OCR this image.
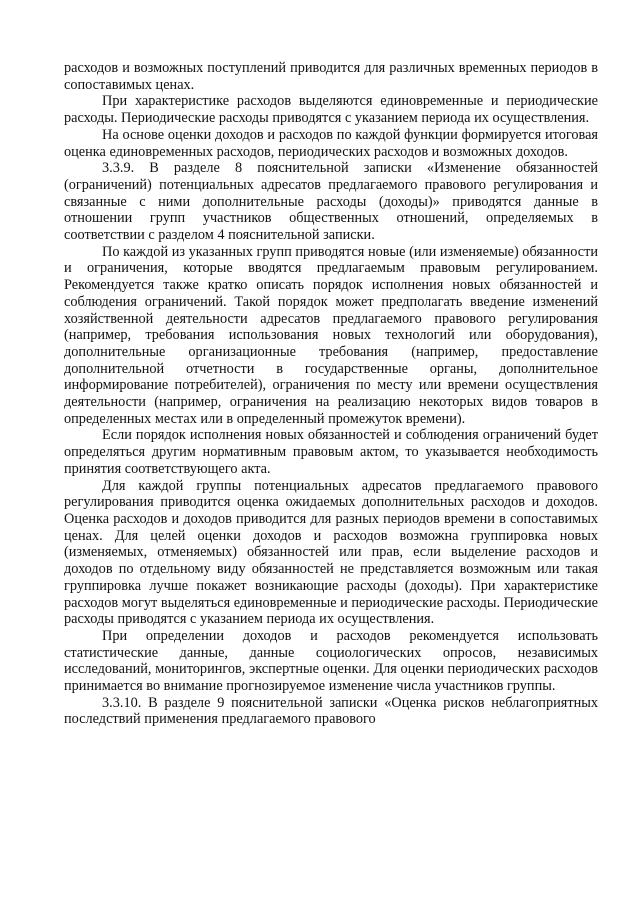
расходов и возможных поступлений приводится для различных временных периодов в сопоставимых ценах.

При характеристике расходов выделяются единовременные и периодические расходы. Периодические расходы приводятся с указанием периода их осуществления.

На основе оценки доходов и расходов по каждой функции формируется итоговая оценка единовременных расходов, периодических расходов и возможных доходов.

3.3.9. В разделе 8 пояснительной записки «Изменение обязанностей (ограничений) потенциальных адресатов предлагаемого правового регулирования и связанные с ними дополнительные расходы (доходы)» приводятся данные в отношении групп участников общественных отношений, определяемых в соответствии с разделом 4 пояснительной записки.

По каждой из указанных групп приводятся новые (или изменяемые) обязанности и ограничения, которые вводятся предлагаемым правовым регулированием. Рекомендуется также кратко описать порядок исполнения новых обязанностей и соблюдения ограничений. Такой порядок может предполагать введение изменений хозяйственной деятельности адресатов предлагаемого правового регулирования (например, требования использования новых технологий или оборудования), дополнительные организационные требования (например, предоставление дополнительной отчетности в государственные органы, дополнительное информирование потребителей), ограничения по месту или времени осуществления деятельности (например, ограничения на реализацию некоторых видов товаров в определенных местах или в определенный промежуток времени).

Если порядок исполнения новых обязанностей и соблюдения ограничений будет определяться другим нормативным правовым актом, то указывается необходимость принятия соответствующего акта.

Для каждой группы потенциальных адресатов предлагаемого правового регулирования приводится оценка ожидаемых дополнительных расходов и доходов. Оценка расходов и доходов приводится для разных периодов времени в сопоставимых ценах. Для целей оценки доходов и расходов возможна группировка новых (изменяемых, отменяемых) обязанностей или прав, если выделение расходов и доходов по отдельному виду обязанностей не представляется возможным или такая группировка лучше покажет возникающие расходы (доходы). При характеристике расходов могут выделяться единовременные и периодические расходы. Периодические расходы приводятся с указанием периода их осуществления.

При определении доходов и расходов рекомендуется использовать статистические данные, данные социологических опросов, независимых исследований, мониторингов, экспертные оценки. Для оценки периодических расходов принимается во внимание прогнозируемое изменение числа участников группы.

3.3.10. В разделе 9 пояснительной записки «Оценка рисков неблагоприятных последствий применения предлагаемого правового
